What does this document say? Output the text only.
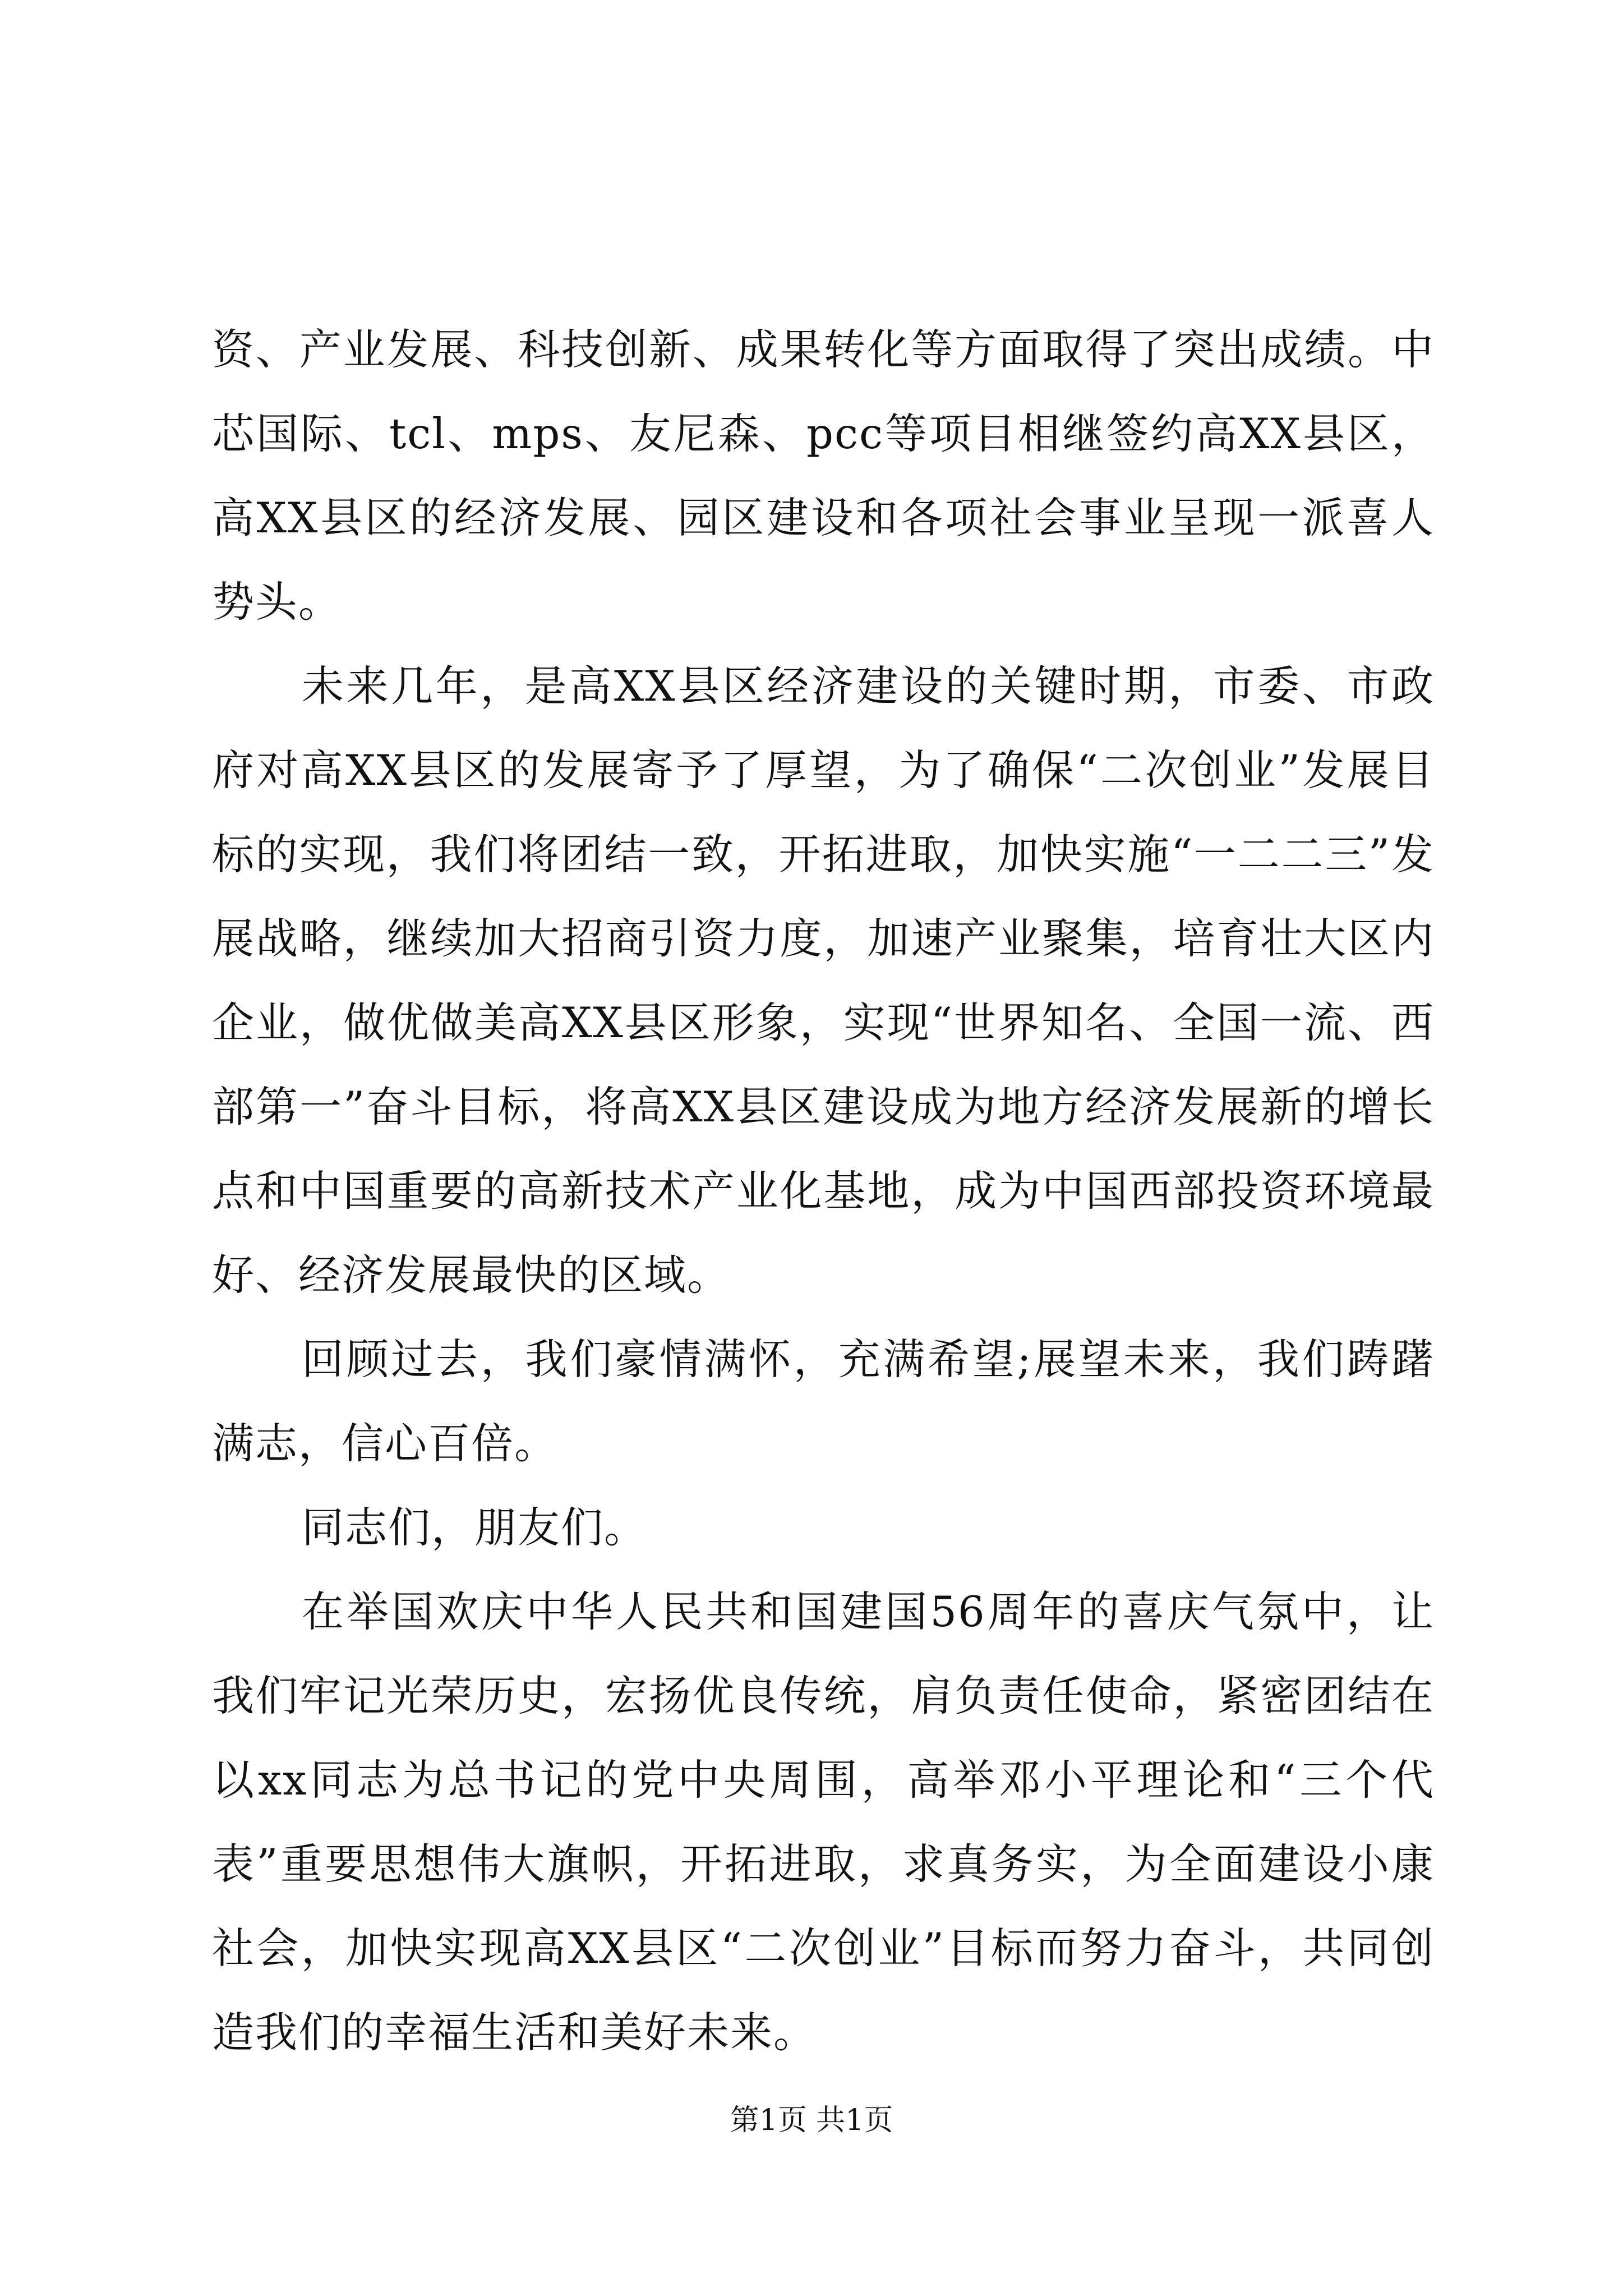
资、产业发展、科技创新、成果转化等方面取得了突出成绩。中芯国际、tcl、mps、友尼森、pcc等项目相继签约高XX县区，高XX县区的经济发展、园区建设和各项社会事业呈现一派喜人势头。

未来几年，是高XX县区经济建设的关键时期，市委、市政府对高XX县区的发展寄予了厚望，为了确保“二次创业”发展目标的实现，我们将团结一致，开拓进取，加快实施“一二二三”发展战略，继续加大招商引资力度，加速产业聚集，培育壮大区内企业，做优做美高XX县区形象，实现“世界知名、全国一流、西部第一”奋斗目标，将高XX县区建设成为地方经济发展新的增长点和中国重要的高新技术产业化基地，成为中国西部投资环境最好、经济发展最快的区域。

回顾过去，我们豪情满怀，充满希望;展望未来，我们踌躇满志，信心百倍。

同志们，朋友们。

在举国欢庆中华人民共和国建国56周年的喜庆气氛中，让我们牢记光荣历史，宏扬优良传统，肩负责任使命，紧密团结在以xx同志为总书记的党中央周围，高举邓小平理论和“三个代表”重要思想伟大旗帜，开拓进取，求真务实，为全面建设小康社会，加快实现高XX县区“二次创业”目标而努力奋斗，共同创造我们的幸福生活和美好未来。

第1页 共1页
